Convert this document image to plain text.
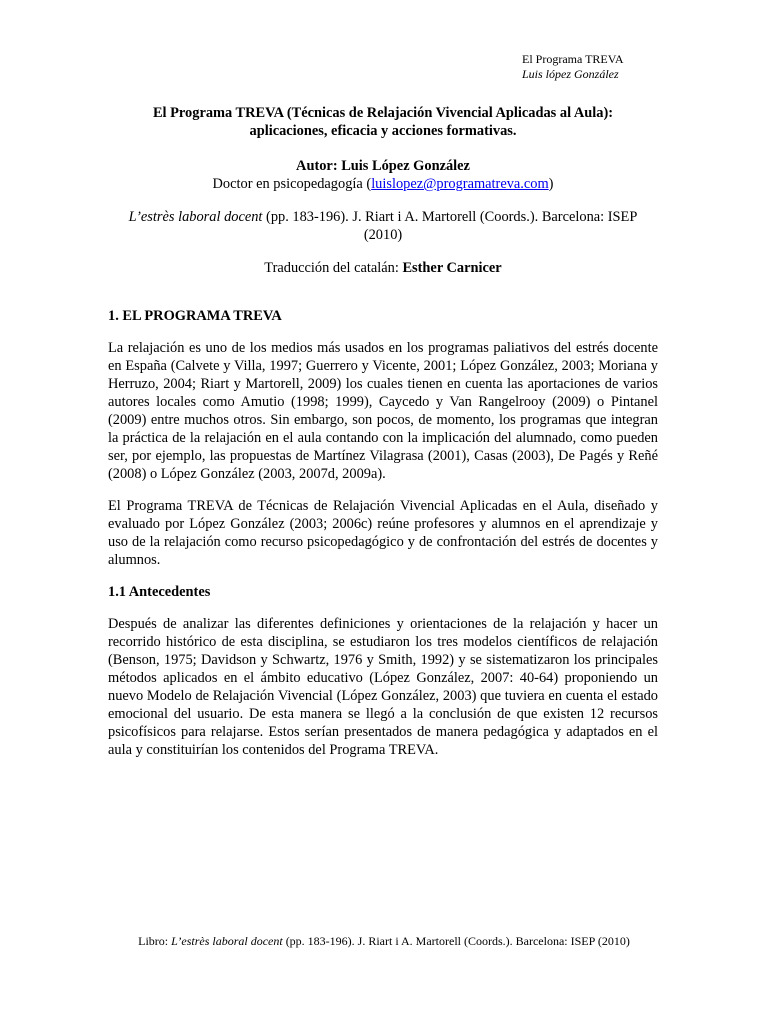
El Programa TREVA
Luis lópez González
El Programa TREVA (Técnicas de Relajación Vivencial Aplicadas al Aula):
aplicaciones, eficacia y acciones formativas.

Autor: Luis López González

Doctor en psicopedagogía (luislopez@programatreva.com)

L’estrès laboral docent (pp. 183-196). J. Riart i A. Martorell (Coords.). Barcelona: ISEP (2010)

Traducción del catalán: Esther Carnicer

1. EL PROGRAMA TREVA

La relajación es uno de los medios más usados en los programas paliativos del estrés docente en España (Calvete y Villa, 1997; Guerrero y Vicente, 2001; López González, 2003; Moriana y Herruzo, 2004; Riart y Martorell, 2009) los cuales tienen en cuenta las aportaciones de varios autores locales como Amutio (1998; 1999), Caycedo y Van Rangelrooy (2009) o Pintanel (2009) entre muchos otros. Sin embargo, son pocos, de momento, los programas que integran la práctica de la relajación en el aula contando con la implicación del alumnado, como pueden ser, por ejemplo, las propuestas de Martínez Vilagrasa (2001), Casas (2003), De Pagés y Reñé (2008) o López González (2003, 2007d, 2009a).

El Programa TREVA de Técnicas de Relajación Vivencial Aplicadas en el Aula, diseñado y evaluado por López González (2003; 2006c) reúne profesores y alumnos en el aprendizaje y uso de la relajación como recurso psicopedagógico y de confrontación del estrés de docentes y alumnos.

1.1 Antecedentes

Después de analizar las diferentes definiciones y orientaciones de la relajación y hacer un recorrido histórico de esta disciplina, se estudiaron los tres modelos científicos de relajación (Benson, 1975; Davidson y Schwartz, 1976 y Smith, 1992) y se sistematizaron los principales métodos aplicados en el ámbito educativo (López González, 2007: 40-64) proponiendo un nuevo Modelo de Relajación Vivencial (López González, 2003) que tuviera en cuenta el estado emocional del usuario. De esta manera se llegó a la conclusión de que existen 12 recursos psicofísicos para relajarse. Estos serían presentados de manera pedagógica y adaptados en el aula y constituirían los contenidos del Programa TREVA.

Libro: L’estrès laboral docent (pp. 183-196). J. Riart i A. Martorell (Coords.). Barcelona: ISEP (2010)
